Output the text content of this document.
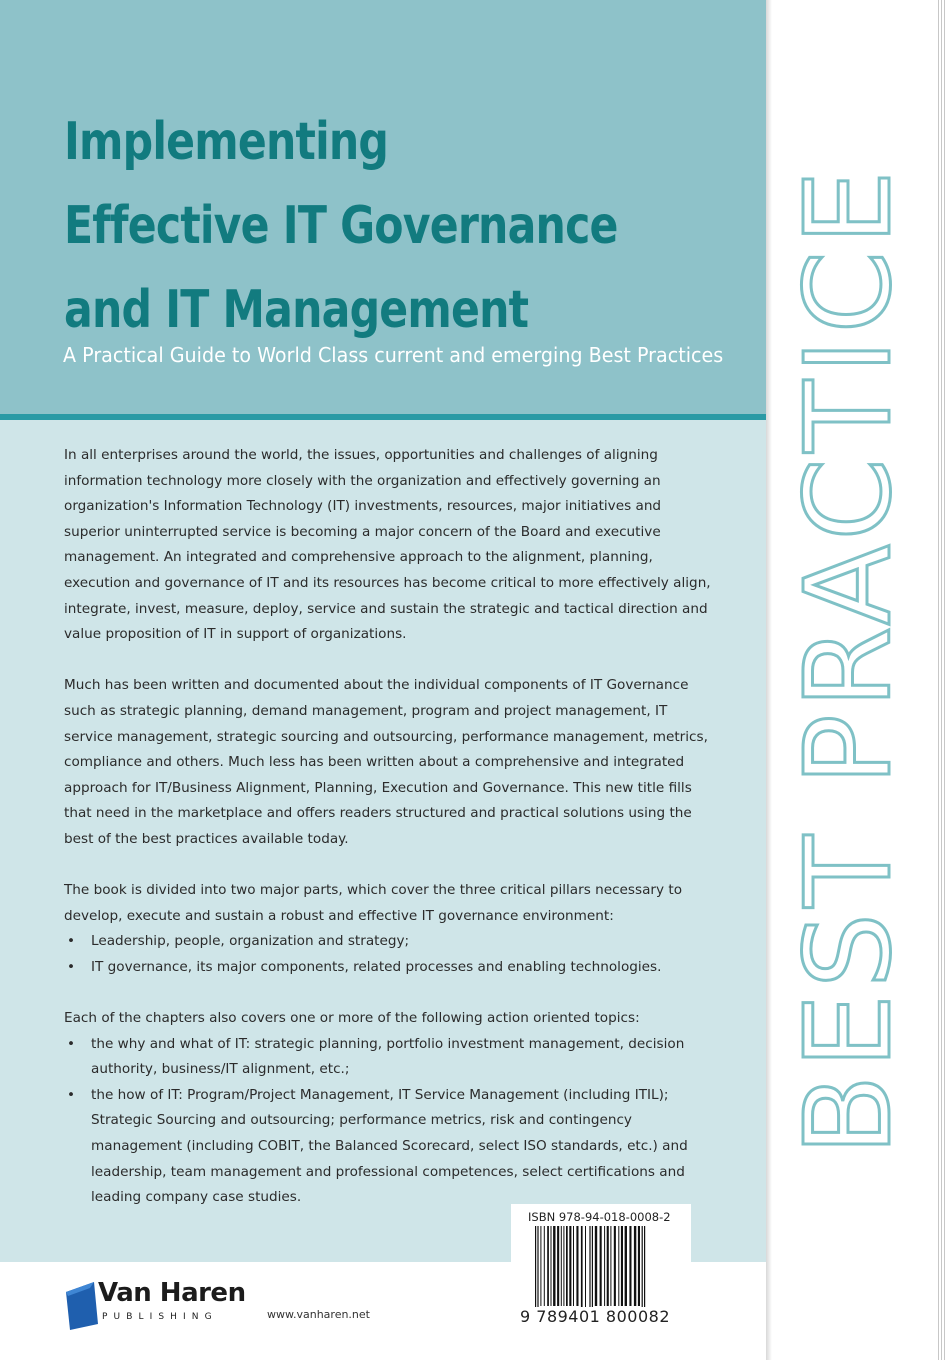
Implementing
Effective IT Governance
and IT Management
A Practical Guide to World Class current and emerging Best Practices

In all enterprises around the world, the issues, opportunities and challenges of aligning information technology more closely with the organization and effectively governing an organization's Information Technology (IT) investments, resources, major initiatives and superior uninterrupted service is becoming a major concern of the Board and executive management. An integrated and comprehensive approach to the alignment, planning, execution and governance of IT and its resources has become critical to more effectively align, integrate, invest, measure, deploy, service and sustain the strategic and tactical direction and value proposition of IT in support of organizations.

Much has been written and documented about the individual components of IT Governance such as strategic planning, demand management, program and project management, IT service management, strategic sourcing and outsourcing, performance management, metrics, compliance and others. Much less has been written about a comprehensive and integrated approach for IT/Business Alignment, Planning, Execution and Governance. This new title fills that need in the marketplace and offers readers structured and practical solutions using the best of the best practices available today.

The book is divided into two major parts, which cover the three critical pillars necessary to develop, execute and sustain a robust and effective IT governance environment:

• Leadership, people, organization and strategy;
• IT governance, its major components, related processes and enabling technologies.

Each of the chapters also covers one or more of the following action oriented topics:

• the why and what of IT: strategic planning, portfolio investment management, decision authority, business/IT alignment, etc.;
• the how of IT: Program/Project Management, IT Service Management (including ITIL); Strategic Sourcing and outsourcing; performance metrics, risk and contingency management (including COBIT, the Balanced Scorecard, select ISO standards, etc.) and leadership, team management and professional competences, select certifications and leading company case studies.
Van Haren
PUBLISHING	www.vanharen.net
ISBN 978-94-018-0008-2
9 789401 800082
BEST PRACTICE
